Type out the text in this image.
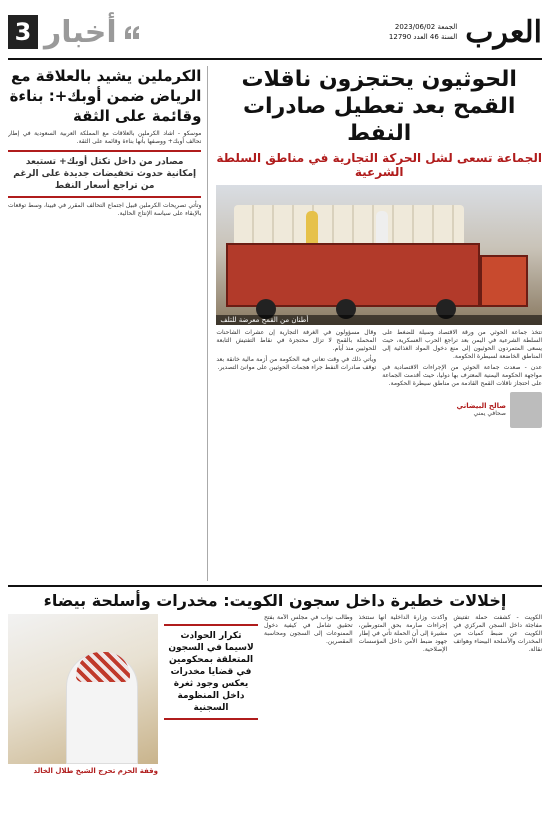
العرب
الجمعة 2023/06/02
السنة 46 العدد 12790
أخبار
3
الحوثيون يحتجزون ناقلات القمح بعد تعطيل صادرات النفط
الجماعة تسعى لشل الحركة التجارية في مناطق السلطة الشرعية
أطنان من القمح معرضة للتلف

تتخذ جماعة الحوثي من ورقة الاقتصاد وسيلة للضغط على السلطة الشرعية في اليمن بعد تراجع الحرب العسكرية، حيث يسعى المتمردون الحوثيون إلى منع دخول المواد الغذائية إلى المناطق الخاضعة لسيطرة الحكومة.

عدن - صعدت جماعة الحوثي من الإجراءات الاقتصادية في مواجهة الحكومة اليمنية المعترف بها دوليا، حيث أقدمت الجماعة على احتجاز ناقلات القمح القادمة من مناطق سيطرة الحكومة.

صالح البيضاني
صحافي يمني

وقال مسؤولون في الغرفة التجارية إن عشرات الشاحنات المحملة بالقمح لا تزال محتجزة في نقاط التفتيش التابعة للحوثيين منذ أيام.

ويأتي ذلك في وقت تعاني فيه الحكومة من أزمة مالية خانقة بعد توقف صادرات النفط جراء هجمات الحوثيين على موانئ التصدير.

الكرملين يشيد بالعلاقة مع الرياض ضمن أوبك+: بناءة وقائمة على الثقة

موسكو - أشاد الكرملين بالعلاقات مع المملكة العربية السعودية في إطار تحالف أوبك+ ووصفها بأنها بناءة وقائمة على الثقة.

مصادر من داخل تكتل أوبك+ تستبعد إمكانية حدوث تخفيضات جديدة على الرغم من تراجع أسعار النفط

وتأتي تصريحات الكرملين قبيل اجتماع التحالف المقرر في فيينا، وسط توقعات بالإبقاء على سياسة الإنتاج الحالية.

إخلالات خطيرة داخل سجون الكويت: مخدرات وأسلحة بيضاء

الكويت - كشفت حملة تفتيش مفاجئة داخل السجن المركزي في الكويت عن ضبط كميات من المخدرات والأسلحة البيضاء وهواتف نقالة.

وأكدت وزارة الداخلية أنها ستتخذ إجراءات صارمة بحق المتورطين، مشيرة إلى أن الحملة تأتي في إطار جهود ضبط الأمن داخل المؤسسات الإصلاحية.

وطالب نواب في مجلس الأمة بفتح تحقيق شامل في كيفية دخول الممنوعات إلى السجون ومحاسبة المقصرين.

تكرار الحوادث لاسيما في السجون المتعلقة بمحكومين في قضايا مخدرات يعكس وجود ثغرة داخل المنظومة السجنية
وقفة الحزم تحرج الشيخ طلال الخالد
